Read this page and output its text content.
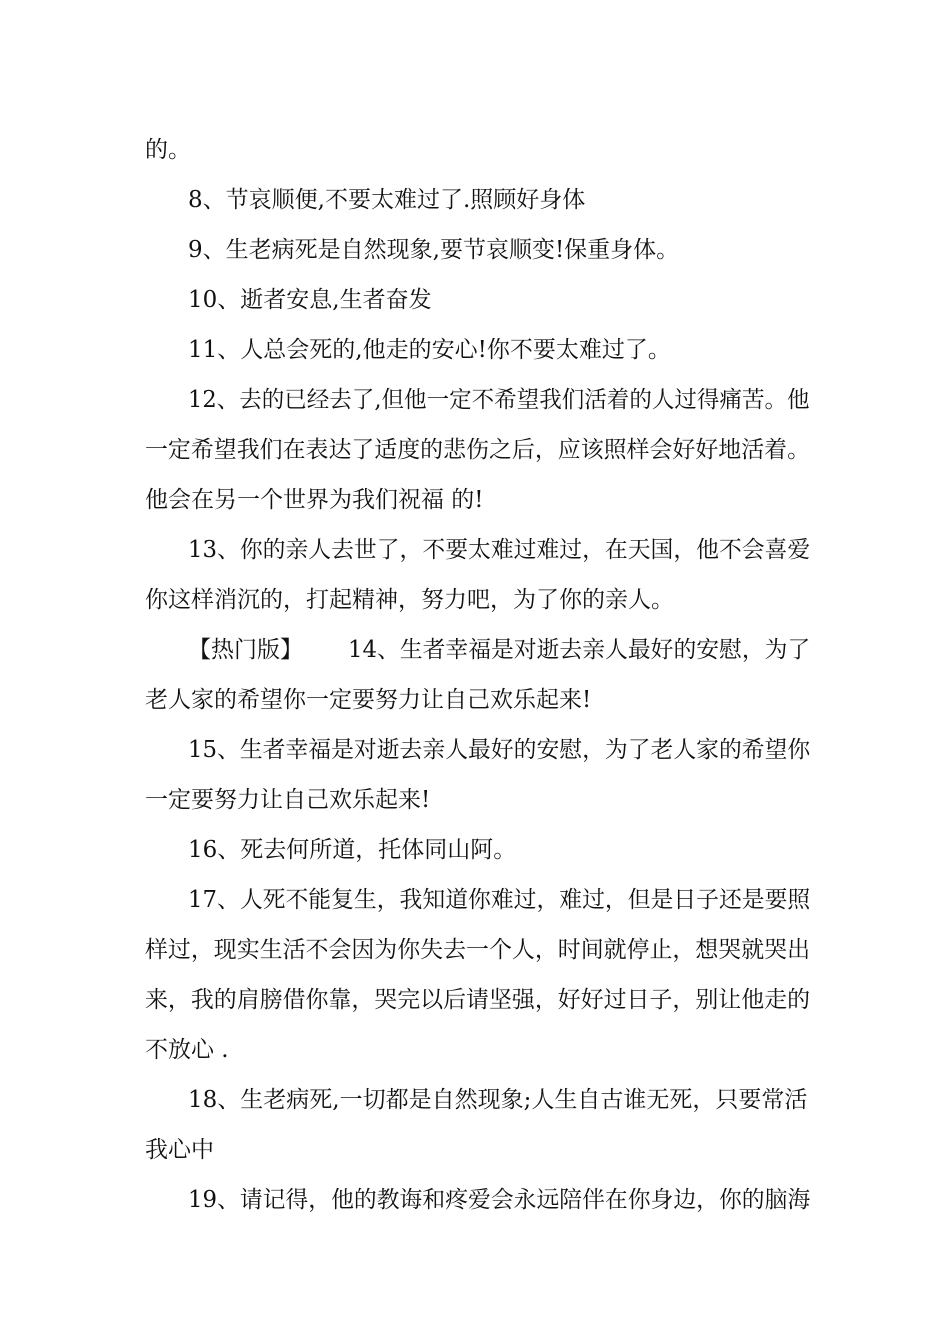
的。
8、节哀顺便,不要太难过了.照顾好身体
9、生老病死是自然现象,要节哀顺变!保重身体。
10、逝者安息,生者奋发
11、人总会死的,他走的安心!你不要太难过了。
12、去的已经去了,但他一定不希望我们活着的人过得痛苦。他
一定希望我们在表达了适度的悲伤之后，应该照样会好好地活着。
他会在另一个世界为我们祝福 的!
13、你的亲人去世了，不要太难过难过，在天国，他不会喜爱
你这样消沉的，打起精神，努力吧，为了你的亲人。
【热门版】 14、生者幸福是对逝去亲人最好的安慰，为了
老人家的希望你一定要努力让自己欢乐起来!
15、生者幸福是对逝去亲人最好的安慰，为了老人家的希望你
一定要努力让自己欢乐起来!
16、死去何所道，托体同山阿。
17、人死不能复生，我知道你难过，难过，但是日子还是要照
样过，现实生活不会因为你失去一个人，时间就停止，想哭就哭出
来，我的肩膀借你靠，哭完以后请坚强，好好过日子，别让他走的
不放心 .
18、生老病死,一切都是自然现象;人生自古谁无死，只要常活
我心中
19、请记得，他的教诲和疼爱会永远陪伴在你身边，你的脑海
